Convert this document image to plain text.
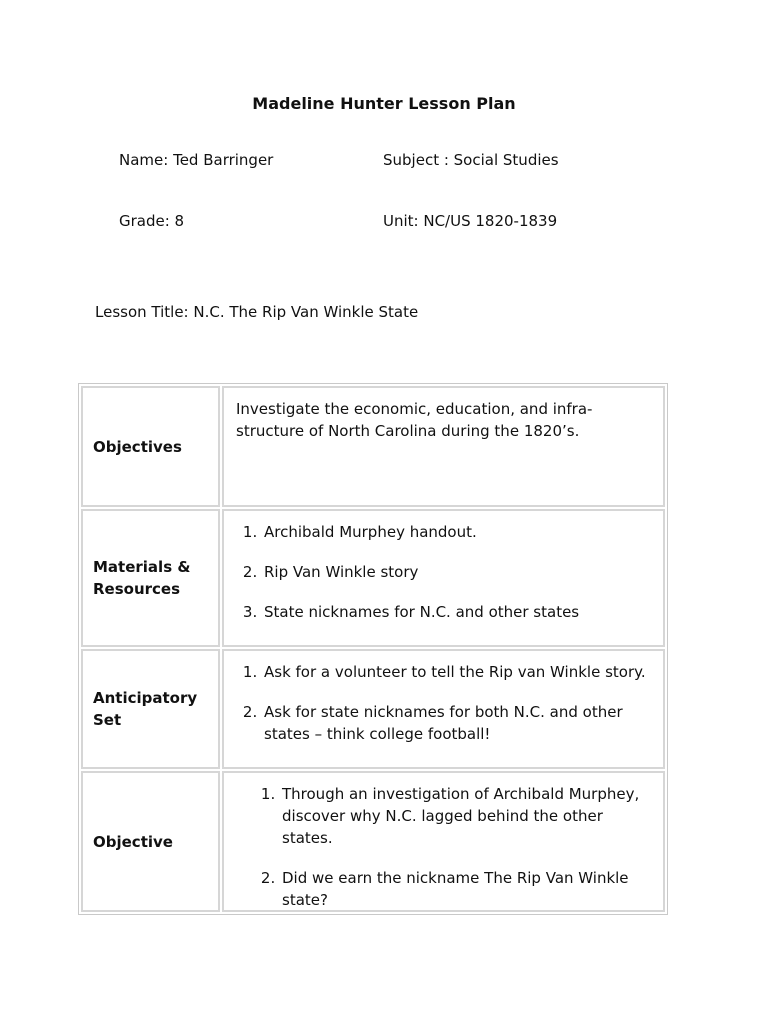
Madeline Hunter Lesson Plan
Name: Ted Barringer	Subject : Social Studies
Grade: 8	Unit: NC/US 1820-1839
Lesson Title: N.C. The Rip Van Winkle State
Objectives
Investigate the economic, education, and infra-structure of North Carolina during the 1820’s.
Materials & Resources
1. Archibald Murphey handout.
2. Rip Van Winkle story
3. State nicknames for N.C. and other states
Anticipatory Set
1. Ask for a volunteer to tell the Rip van Winkle story.
2. Ask for state nicknames for both N.C. and other states – think college football!
Objective
1. Through an investigation of Archibald Murphey, discover why N.C. lagged behind the other states.
2. Did we earn the nickname The Rip Van Winkle state?
